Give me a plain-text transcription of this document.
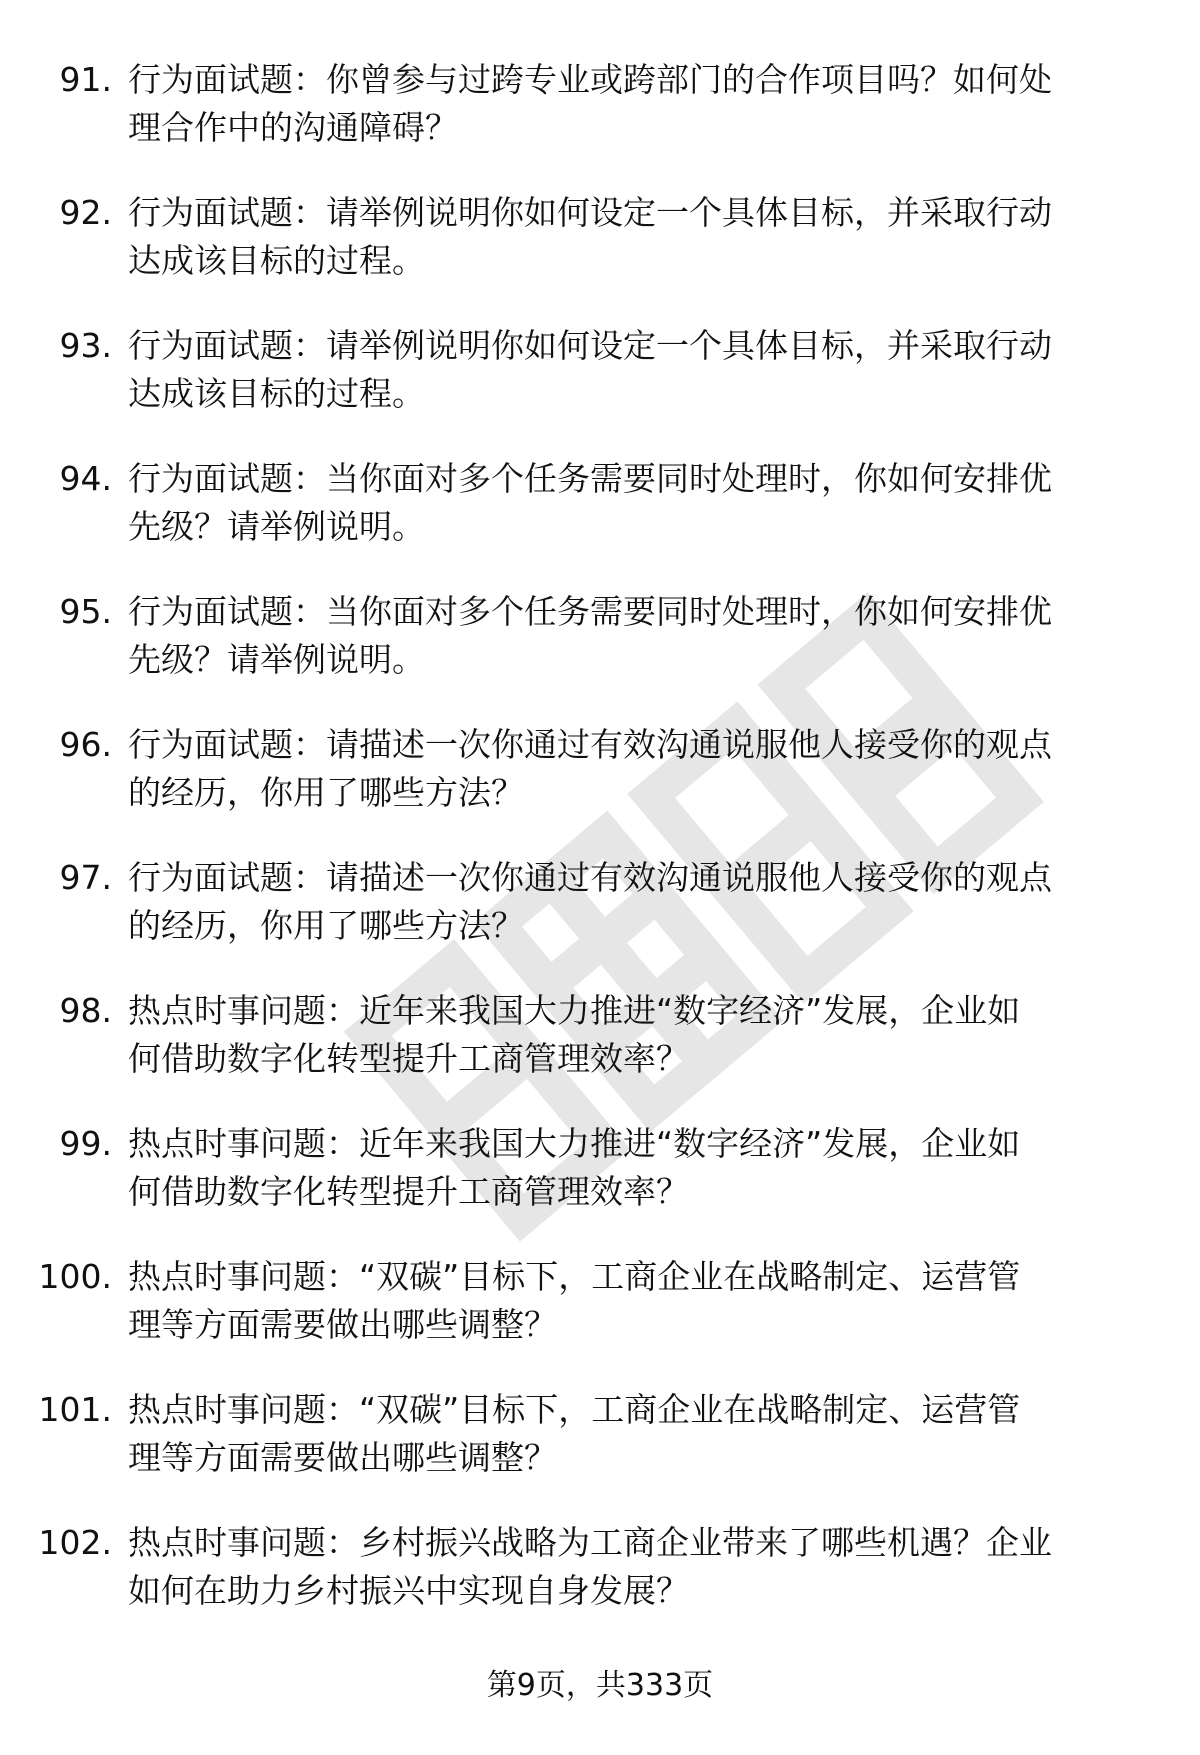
91. 行为面试题：你曾参与过跨专业或跨部门的合作项目吗？如何处
理合作中的沟通障碍？
92. 行为面试题：请举例说明你如何设定一个具体目标，并采取行动
达成该目标的过程。
93. 行为面试题：请举例说明你如何设定一个具体目标，并采取行动
达成该目标的过程。
94. 行为面试题：当你面对多个任务需要同时处理时，你如何安排优
先级？请举例说明。
95. 行为面试题：当你面对多个任务需要同时处理时，你如何安排优
先级？请举例说明。
96. 行为面试题：请描述一次你通过有效沟通说服他人接受你的观点
的经历，你用了哪些方法？
97. 行为面试题：请描述一次你通过有效沟通说服他人接受你的观点
的经历，你用了哪些方法？
98. 热点时事问题：近年来我国大力推进“数字经济”发展，企业如
何借助数字化转型提升工商管理效率？
99. 热点时事问题：近年来我国大力推进“数字经济”发展，企业如
何借助数字化转型提升工商管理效率？
100. 热点时事问题：“双碳”目标下，工商企业在战略制定、运营管
理等方面需要做出哪些调整？
101. 热点时事问题：“双碳”目标下，工商企业在战略制定、运营管
理等方面需要做出哪些调整？
102. 热点时事问题：乡村振兴战略为工商企业带来了哪些机遇？企业
如何在助力乡村振兴中实现自身发展？
第9页，共333页
